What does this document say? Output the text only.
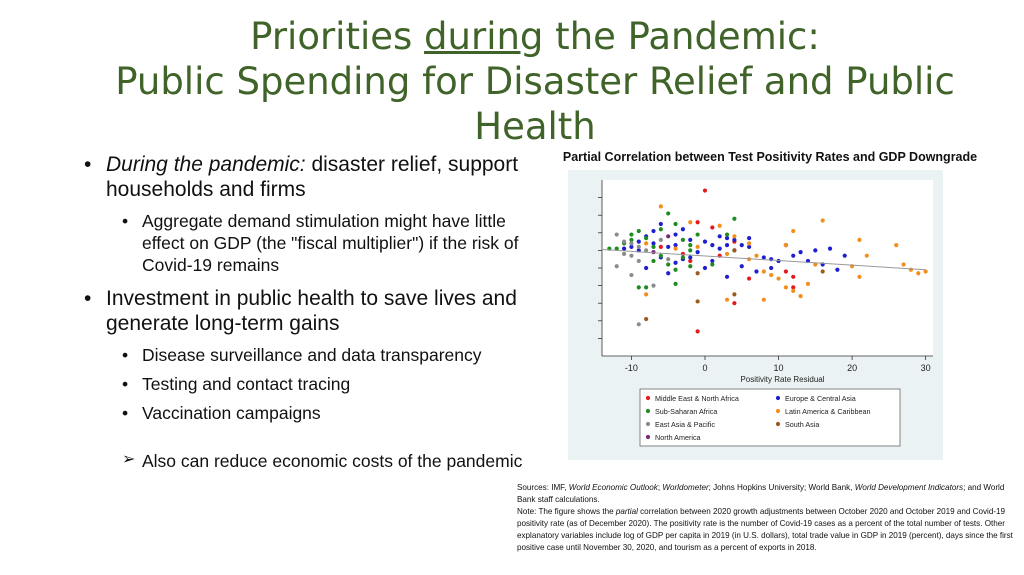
Priorities during the Pandemic:
Public Spending for Disaster Relief and Public Health
• During the pandemic: disaster relief, support households and firms
• Aggregate demand stimulation might have little effect on GDP (the "fiscal multiplier") if the risk of Covid-19 remains
• Investment in public health to save lives and generate long-term gains
• Disease surveillance and data transparency
• Testing and contact tracing
• Vaccination campaigns
➢ Also can reduce economic costs of the pandemic
Partial Correlation between Test Positivity Rates and GDP Downgrade
-10	0	10	20	30
Positivity Rate Residual
Middle East & North Africa	Europe & Central Asia
Sub-Saharan Africa	Latin America & Caribbean
East Asia & Pacific	South Asia
North America
Sources: IMF, World Economic Outlook; Worldometer; Johns Hopkins University; World Bank, World Development Indicators; and World Bank staff calculations.
Note: The figure shows the partial correlation between 2020 growth adjustments between October 2020 and October 2019 and Covid-19 positivity rate (as of December 2020). The positivity rate is the number of Covid-19 cases as a percent of the total number of tests. Other explanatory variables include log of GDP per capita in 2019 (in U.S. dollars), total trade value in GDP in 2019 (percent), days since the first positive case until November 30, 2020, and tourism as a percent of exports in 2018.
